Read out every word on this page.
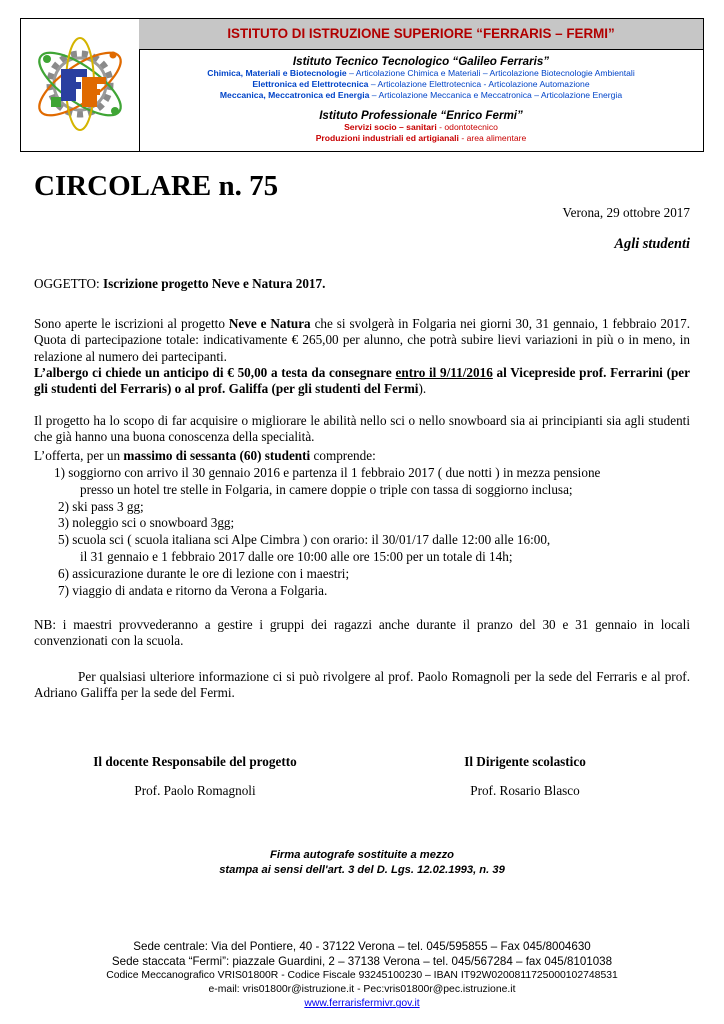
ISTITUTO DI ISTRUZIONE SUPERIORE “FERRARIS – FERMI”
Istituto Tecnico Tecnologico “Galileo Ferraris”
Chimica, Materiali e Biotecnologie – Articolazione Chimica e Materiali – Articolazione Biotecnologie Ambientali
Elettronica ed Elettrotecnica – Articolazione Elettrotecnica - Articolazione Automazione
Meccanica, Meccatronica ed Energia – Articolazione Meccanica e Meccatronica – Articolazione Energia
Istituto Professionale “Enrico Fermi”
Servizi socio – sanitari - odontotecnico
Produzioni industriali ed artigianali - area alimentare
CIRCOLARE n. 75
Verona, 29 ottobre 2017
Agli studenti
OGGETTO: Iscrizione progetto Neve e Natura 2017.
Sono aperte le iscrizioni al progetto Neve e Natura che si svolgerà in Folgaria nei giorni 30, 31 gennaio, 1 febbraio 2017. Quota di partecipazione totale: indicativamente € 265,00 per alunno, che potrà subire lievi variazioni in più o in meno, in relazione al numero dei partecipanti.
L’albergo ci chiede un anticipo di € 50,00 a testa da consegnare entro il 9/11/2016 al Vicepreside prof. Ferrarini (per gli studenti del Ferraris) o al prof. Galiffa (per gli studenti del Fermi).
Il progetto ha lo scopo di far acquisire o migliorare le abilità nello sci o nello snowboard sia ai principianti sia agli studenti che già hanno una buona conoscenza della specialità.
L’offerta, per un massimo di sessanta (60) studenti comprende:
1) soggiorno con arrivo il 30 gennaio 2016 e partenza il 1 febbraio 2017 ( due notti ) in mezza pensione
presso un hotel tre stelle in Folgaria, in camere doppie o triple con tassa di soggiorno inclusa;
2) ski pass 3 gg;
3) noleggio sci o snowboard 3gg;
5) scuola sci ( scuola italiana sci Alpe Cimbra ) con orario: il 30/01/17 dalle 12:00 alle 16:00,
il 31 gennaio e 1 febbraio 2017 dalle ore 10:00 alle ore 15:00 per un totale di 14h;
6) assicurazione durante le ore di lezione con i maestri;
7) viaggio di andata e ritorno da Verona a Folgaria.
NB: i maestri provvederanno a gestire i gruppi dei ragazzi anche durante il pranzo del 30 e 31 gennaio in locali convenzionati con la scuola.
Per qualsiasi ulteriore informazione ci si può rivolgere al prof. Paolo Romagnoli per la sede del Ferraris e al prof. Adriano Galiffa per la sede del Fermi.
Il docente Responsabile del progetto
Prof. Paolo Romagnoli
Il Dirigente scolastico
Prof. Rosario Blasco
Firma autografe sostituite a mezzo
stampa ai sensi dell'art. 3 del D. Lgs. 12.02.1993, n. 39
Sede centrale: Via del Pontiere, 40 - 37122 Verona – tel. 045/595855 – Fax 045/8004630
Sede staccata “Fermi”: piazzale Guardini, 2 – 37138 Verona – tel. 045/567284 – fax 045/8101038
Codice Meccanografico VRIS01800R - Codice Fiscale 93245100230 – IBAN IT92W0200811725000102748531
e-mail: vris01800r@istruzione.it - Pec:vris01800r@pec.istruzione.it
www.ferrarisfermivr.gov.it
